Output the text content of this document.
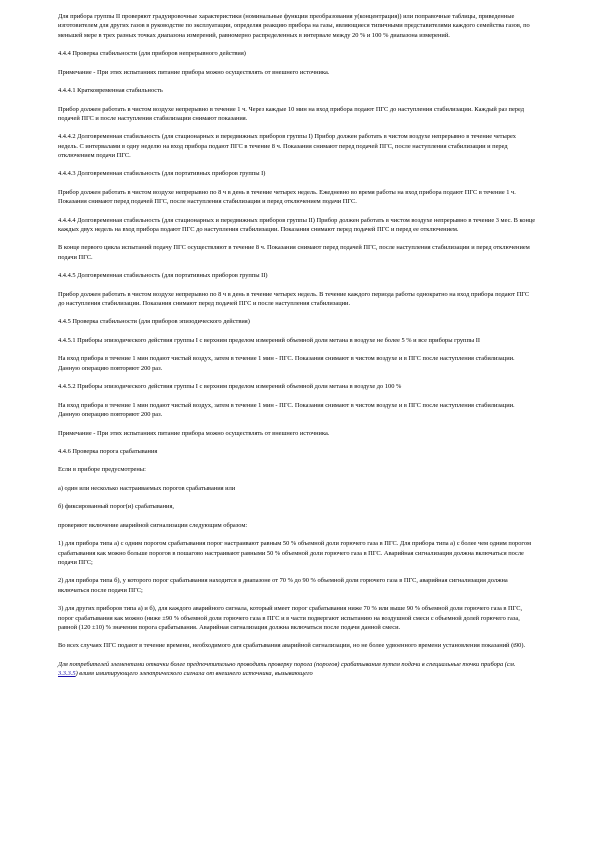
Для прибора группы II проверяют градуировочные характеристики (номинальные функции преобразования y(концентрация)) или поправочные таблицы, приведенные изготовителем для других газов в руководстве по эксплуатации, определяя реакцию прибора на газы, являющиеся типичными представителями каждого семейства газов, по меньшей мере в трех разных точках диапазона измерений, равномерно распределенных в интервале между 20 % и 100 % диапазона измерений.

4.4.4 Проверка стабильности (для приборов непрерывного действия)

Примечание - При этих испытаниях питание прибора можно осуществлять от внешнего источника.

4.4.4.1 Кратковременная стабильность

Прибор должен работать в чистом воздухе непрерывно в течение 1 ч. Через каждые 10 мин на вход прибора подают ПГС до наступления стабилизации. Каждый раз перед подачей ПГС и после наступления стабилизации снимают показания.

4.4.4.2 Долговременная стабильность (для стационарных и передвижных приборов группы I) Прибор должен работать в чистом воздухе непрерывно в течение четырех недель. С интервалами в одну неделю на вход прибора подают ПГС в течение 8 ч. Показания снимают перед подачей ПГС, после наступления стабилизации и перед отключением подачи ПГС.

4.4.4.3 Долговременная стабильность (для портативных приборов группы I)

Прибор должен работать в чистом воздухе непрерывно по 8 ч в день в течение четырех недель. Ежедневно во время работы на вход прибора подают ПГС в течение 1 ч. Показания снимают перед подачей ПГС, после наступления стабилизации и перед отключением подачи ПГС.

4.4.4.4 Долговременная стабильность (для стационарных и передвижных приборов группы II) Прибор должен работать в чистом воздухе непрерывно в течение 3 мес. В конце каждых двух недель на вход прибора подают ПГС до наступления стабилизации. Показания снимают перед подачей ПГС и перед ее отключением.

В конце первого цикла испытаний подачу ПГС осуществляют в течение 8 ч. Показания снимают перед подачей ПГС, после наступления стабилизации и перед отключением подачи ПГС.

4.4.4.5 Долговременная стабильность (для портативных приборов группы II)

Прибор должен работать в чистом воздухе непрерывно по 8 ч в день в течение четырех недель. В течение каждого периода работы однократно на вход прибора подают ПГС до наступления стабилизации. Показания снимают перед подачей ПГС и после наступления стабилизации.

4.4.5 Проверка стабильности (для приборов эпизодического действия)

4.4.5.1 Приборы эпизодического действия группы I с верхним пределом измерений объемной доли метана в воздухе не более 5 % и все приборы группы II

На вход прибора в течение 1 мин подают чистый воздух, затем в течение 1 мин - ПГС. Показания снимают в чистом воздухе и в ПГС после наступления стабилизации. Данную операцию повторяют 200 раз.

4.4.5.2 Приборы эпизодического действия группы I с верхним пределом измерений объемной доли метана в воздухе до 100 %

На вход прибора в течение 1 мин подают чистый воздух, затем в течение 1 мин - ПГС. Показания снимают в чистом воздухе и в ПГС после наступления стабилизации. Данную операцию повторяют 200 раз.

Примечание - При этих испытаниях питание прибора можно осуществлять от внешнего источника.

4.4.6 Проверка порога срабатывания

Если в приборе предусмотрены:

а) один или несколько настраиваемых порогов срабатывания или

б) фиксированный порог(и) срабатывания,

проверяют включение аварийной сигнализации следующим образом:

1) для прибора типа а) с одним порогом срабатывания порог настраивают равным 50 % объемной доли горючего газа в ПГС. Для прибора типа а) с более чем одним порогом срабатывания как можно больше порогов в пошагово настраивают равными 50 % объемной доли горючего газа в ПГС. Аварийная сигнализация должна включаться после подачи ПГС;

2) для прибора типа б), у которого порог срабатывания находится в диапазоне от 70 % до 90 % объемной доли горючего газа в ПГС, аварийная сигнализация должна включаться после подачи ПГС;

3) для других приборов типа а) и б), для каждого аварийного сигнала, который имеет порог срабатывания ниже 70 % или выше 90 % объемной доли горючего газа в ПГС, порог срабатывания как можно (ниже ±90 % объемной доли горючего газа в ПГС и в части подвергают испытанию на воздушной смеси с объемной долей горючего газа, равной (120 ±10) % значения порога срабатывания. Аварийная сигнализация должна включаться после подачи данной смеси.

Во всех случаях ПГС подают в течение времени, необходимого для срабатывания аварийной сигнализации, но не более удвоенного времени установления показаний (t90).

Для потребителей элементами откачки более предпочтительно проводить проверку порога (порогов) срабатывания путем подачи в специальные точки прибора (см. 3.3.3.5) влияя имитирующего электрического сигнала от внешнего источника, вызывающего
